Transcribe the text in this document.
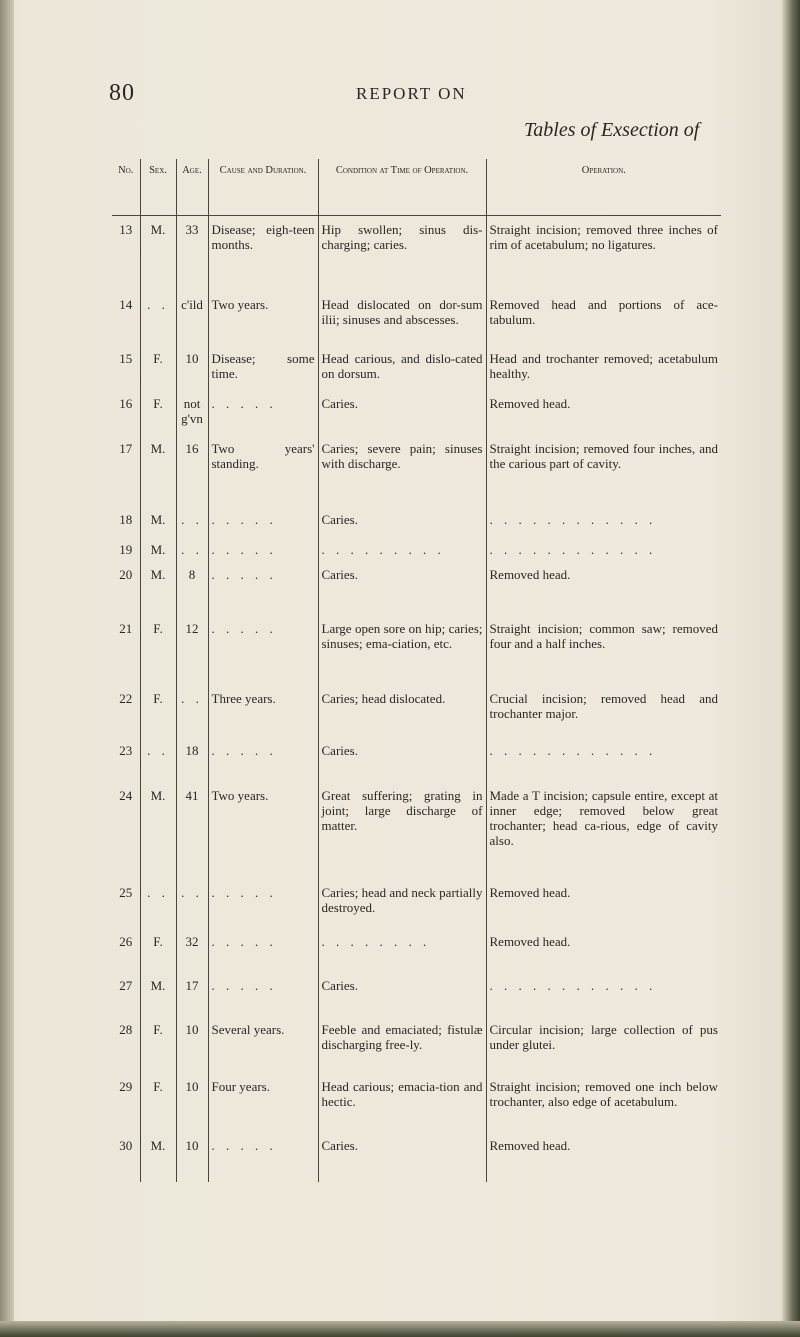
80	REPORT ON
Tables of Exsection of
No.	Sex.	Age.	Cause and Duration.	Condition at Time of Operation.	Operation.
13	M.	33	Disease; eigh-teen months.	Hip swollen; sinus dis-charging; caries.	Straight incision; removed three inches of rim of acetabulum; no ligatures.
14	. .	c'ild	Two years.	Head dislocated on dor-sum ilii; sinuses and abscesses.	Removed head and portions of ace-tabulum.
15	F.	10	Disease; some time.	Head carious, and dislo-cated on dorsum.	Head and trochanter removed; acetabulum healthy.
16	F.	not g'vn	. . . . .	Caries.	Removed head.
17	M.	16	Two years' standing.	Caries; severe pain; sinuses with discharge.	Straight incision; removed four inches, and the carious part of cavity.
18	M.	. .	. . . . .	Caries.	. . . . . . . . . . . .
19	M.	. .	. . . . .	. . . . . . . . .	. . . . . . . . . . . .
20	M.	8	. . . . .	Caries.	Removed head.
21	F.	12	. . . . .	Large open sore on hip; caries; sinuses; ema-ciation, etc.	Straight incision; common saw; removed four and a half inches.
22	F.	. .	Three years.	Caries; head dislocated.	Crucial incision; removed head and trochanter major.
23	. .	18	. . . . .	Caries.	. . . . . . . . . . . .
24	M.	41	Two years.	Great suffering; grating in joint; large discharge of matter.	Made a T incision; capsule entire, except at inner edge; removed below great trochanter; head ca-rious, edge of cavity also.
25	. .	. .	. . . . .	Caries; head and neck partially destroyed.	Removed head.
26	F.	32	. . . . .	. . . . . . . .	Removed head.
27	M.	17	. . . . .	Caries.	. . . . . . . . . . . .
28	F.	10	Several years.	Feeble and emaciated; fistulæ discharging free-ly.	Circular incision; large collection of pus under glutei.
29	F.	10	Four years.	Head carious; emacia-tion and hectic.	Straight incision; removed one inch below trochanter, also edge of acetabulum.
30	M.	10	. . . . .	Caries.	Removed head.
